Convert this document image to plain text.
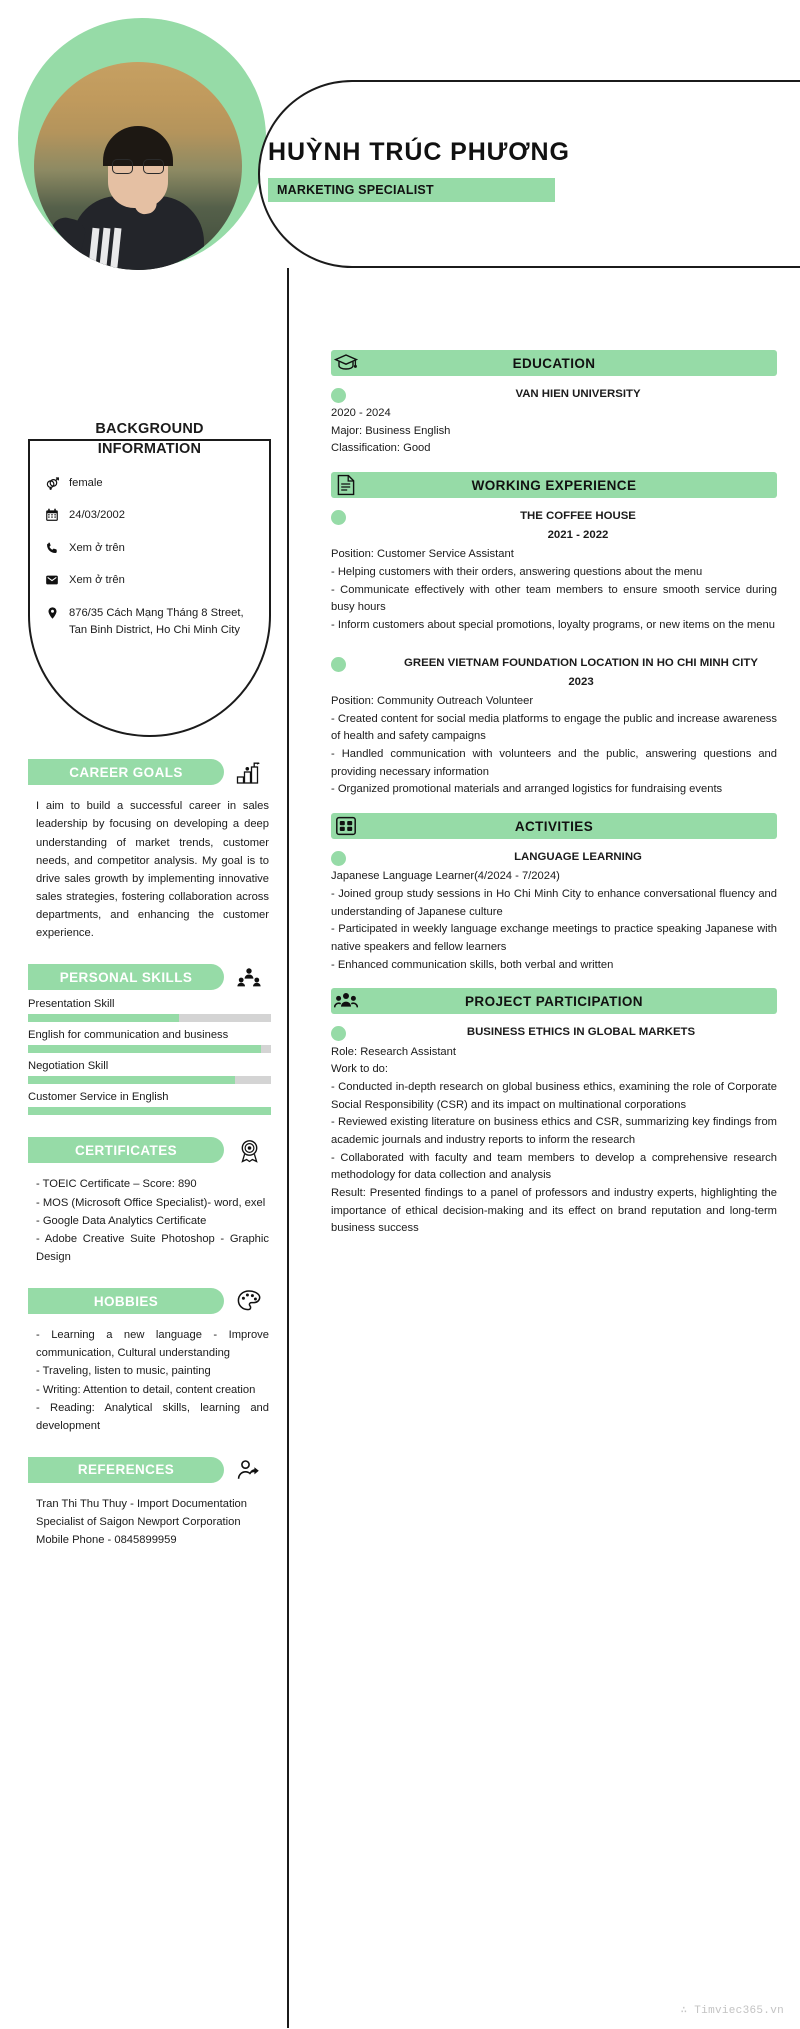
HUỲNH TRÚC PHƯƠNG
MARKETING SPECIALIST
BACKGROUND
INFORMATION
female
24/03/2002
Xem ở trên
Xem ở trên
876/35 Cách Mạng Tháng 8 Street, Tan Binh District, Ho Chi Minh City
CAREER GOALS
I aim to build a successful career in sales leadership by focusing on developing a deep understanding of market trends, customer needs, and competitor analysis. My goal is to drive sales growth by implementing innovative sales strategies, fostering collaboration across departments, and enhancing the customer experience.
PERSONAL SKILLS
Presentation Skill
English for communication and business
Negotiation Skill
Customer Service in English
CERTIFICATES
- TOEIC Certificate – Score: 890
- MOS (Microsoft Office Specialist)- word, exel
- Google Data Analytics Certificate
- Adobe Creative Suite Photoshop - Graphic Design
HOBBIES
- Learning a new language - Improve communication, Cultural understanding
- Traveling, listen to music, painting
- Writing: Attention to detail, content creation
- Reading: Analytical skills, learning and development
REFERENCES
Tran Thi Thu Thuy - Import Documentation Specialist of Saigon Newport Corporation
Mobile Phone - 0845899959
EDUCATION
VAN HIEN UNIVERSITY
2020 - 2024
Major: Business English
Classification: Good
WORKING EXPERIENCE
THE COFFEE HOUSE
2021 - 2022
Position: Customer Service Assistant
- Helping customers with their orders, answering questions about the menu
- Communicate effectively with other team members to ensure smooth service during busy hours
- Inform customers about special promotions, loyalty programs, or new items on the menu
GREEN VIETNAM FOUNDATION LOCATION IN HO CHI MINH CITY
2023
Position: Community Outreach Volunteer
- Created content for social media platforms to engage the public and increase awareness of health and safety campaigns
- Handled communication with volunteers and the public, answering questions and providing necessary information
- Organized promotional materials and arranged logistics for fundraising events
ACTIVITIES
LANGUAGE LEARNING
Japanese Language Learner(4/2024 - 7/2024)
- Joined group study sessions in Ho Chi Minh City to enhance conversational fluency and understanding of Japanese culture
- Participated in weekly language exchange meetings to practice speaking Japanese with native speakers and fellow learners
- Enhanced communication skills, both verbal and written
PROJECT PARTICIPATION
BUSINESS ETHICS IN GLOBAL MARKETS
Role: Research Assistant
Work to do:
- Conducted in-depth research on global business ethics, examining the role of Corporate Social Responsibility (CSR) and its impact on multinational corporations
- Reviewed existing literature on business ethics and CSR, summarizing key findings from academic journals and industry reports to inform the research
- Collaborated with faculty and team members to develop a comprehensive research methodology for data collection and analysis
Result: Presented findings to a panel of professors and industry experts, highlighting the importance of ethical decision-making and its effect on brand reputation and long-term business success
∴ Timviec365.vn
